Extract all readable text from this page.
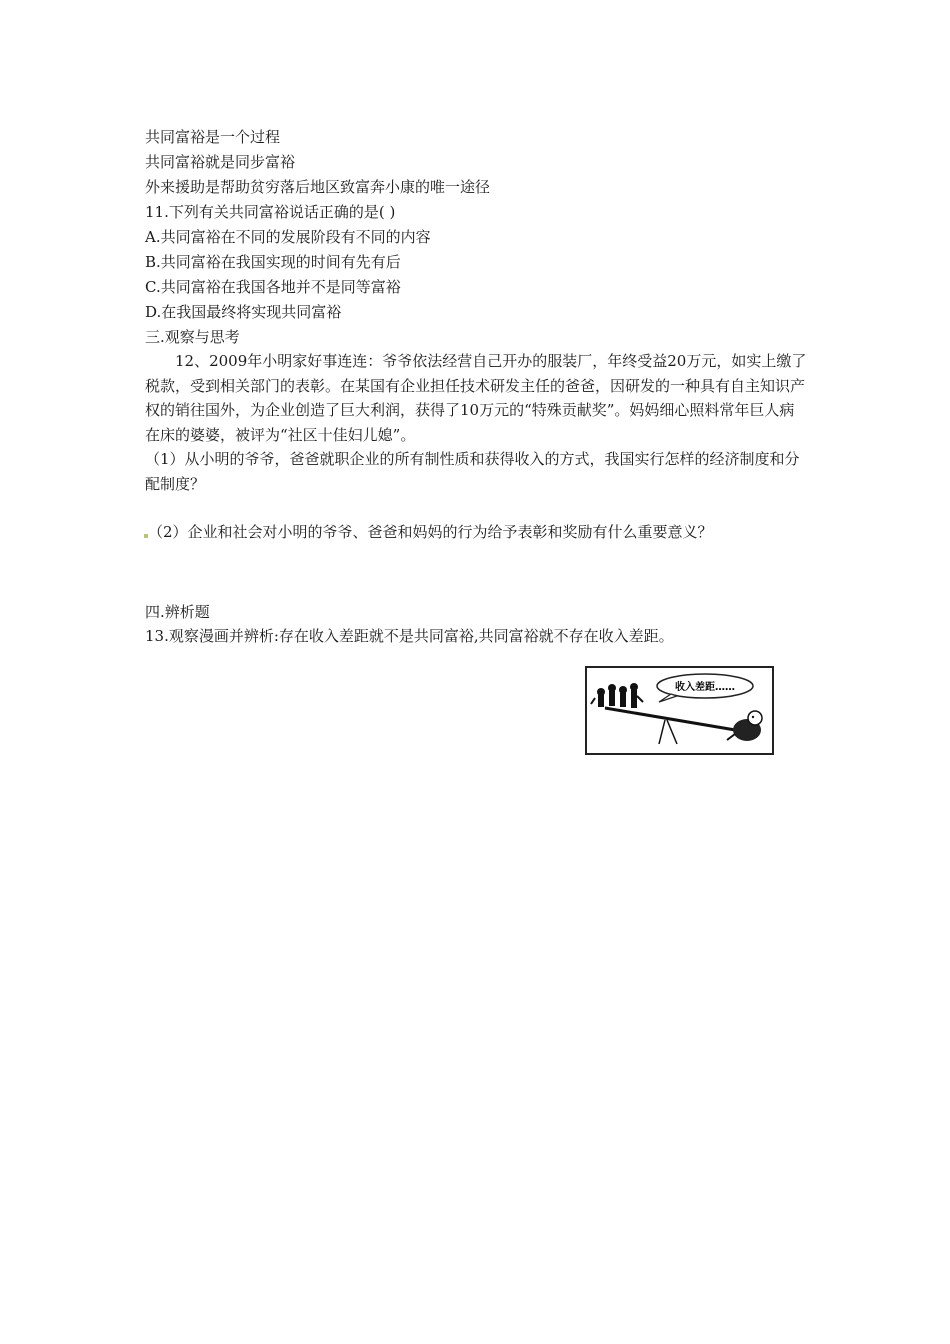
共同富裕是一个过程
共同富裕就是同步富裕
外来援助是帮助贫穷落后地区致富奔小康的唯一途径
11.下列有关共同富裕说话正确的是( )
A.共同富裕在不同的发展阶段有不同的内容
B.共同富裕在我国实现的时间有先有后
C.共同富裕在我国各地并不是同等富裕
D.在我国最终将实现共同富裕
三.观察与思考
12、2009年小明家好事连连：爷爷依法经营自己开办的服装厂，年终受益20万元，如实上缴了税款，受到相关部门的表彰。在某国有企业担任技术研发主任的爸爸，因研发的一种具有自主知识产权的销往国外，为企业创造了巨大利润，获得了10万元的“特殊贡献奖”。妈妈细心照料常年巨人病在床的婆婆，被评为“社区十佳妇儿媳”。
（1）从小明的爷爷，爸爸就职企业的所有制性质和获得收入的方式，我国实行怎样的经济制度和分配制度？
（2）企业和社会对小明的爷爷、爸爸和妈妈的行为给予表彰和奖励有什么重要意义？
四.辨析题
13.观察漫画并辨析:存在收入差距就不是共同富裕,共同富裕就不存在收入差距。
收入差距……
